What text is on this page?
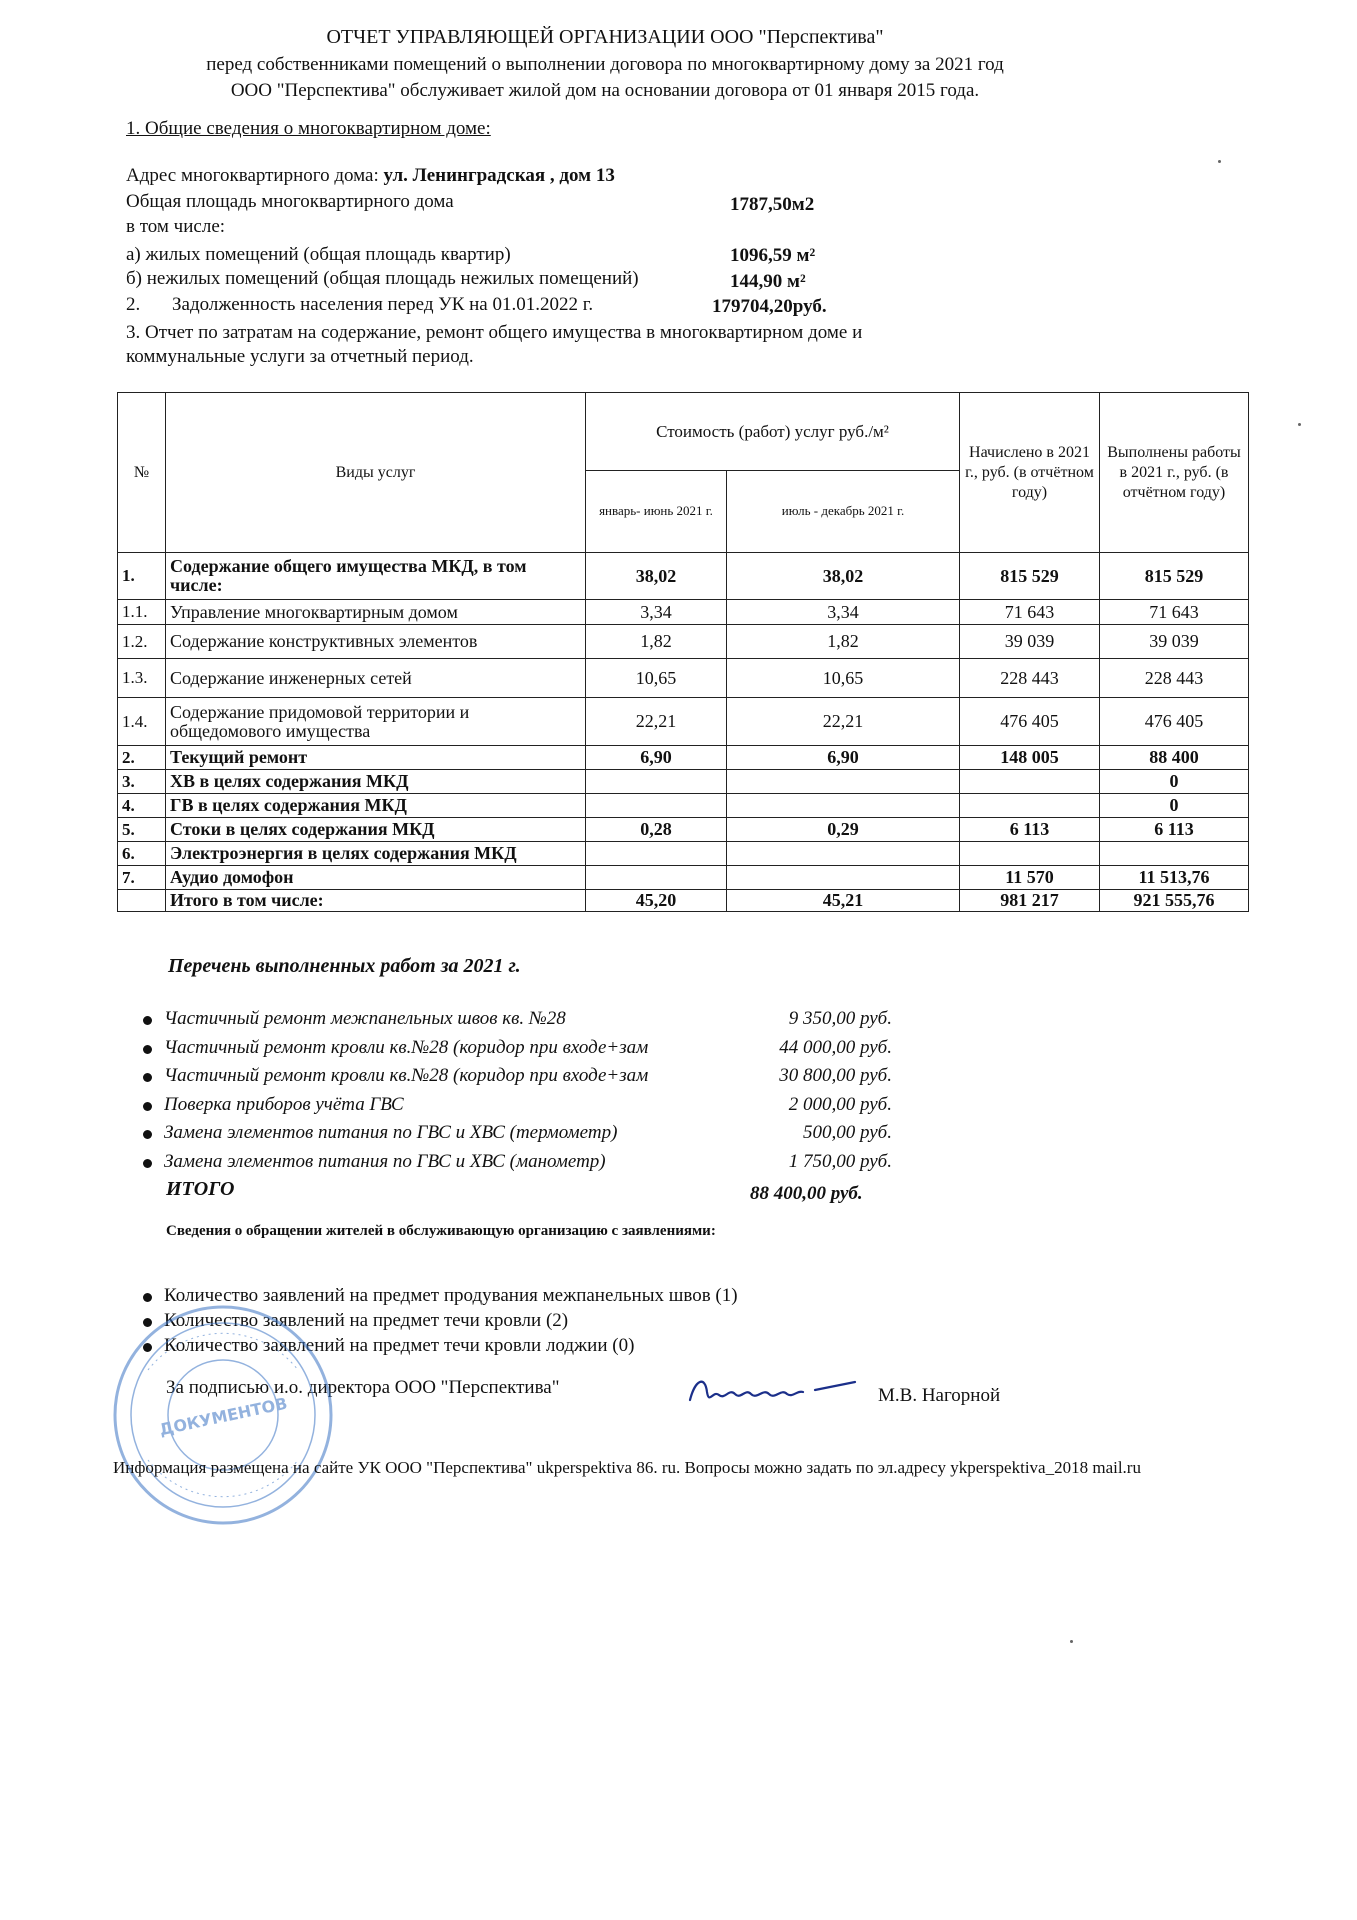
ОТЧЕТ УПРАВЛЯЮЩЕЙ ОРГАНИЗАЦИИ ООО "Перспектива"
перед собственниками помещений о выполнении договора по многоквартирному дому за 2021 год
ООО "Перспектива" обслуживает жилой дом на основании договора от 01 января 2015 года.
1. Общие сведения о многоквартирном доме:
Адрес многоквартирного дома: ул. Ленинградская , дом 13
Общая площадь многоквартирного дома	1787,50м2
в том числе:
а) жилых помещений (общая площадь квартир)	1096,59 м²
б) нежилых помещений (общая площадь нежилых помещений)	144,90 м²
2. Задолженность населения перед УК на 01.01.2022 г.	179704,20руб.
3. Отчет по затратам на содержание, ремонт общего имущества в многоквартирном доме и
коммунальные услуги за отчетный период.
№	Виды услуг	Стоимость (работ) услуг руб./м²		Начислено в 2021 г., руб. (в отчётном году)	Выполнены работы в 2021 г., руб. (в отчётном году)
		январь- июнь 2021 г.	июль - декабрь 2021 г.		
1.	Содержание общего имущества МКД, в том числе:	38,02	38,02	815 529	815 529
1.1.	Управление многоквартирным домом	3,34	3,34	71 643	71 643
1.2.	Содержание конструктивных элементов	1,82	1,82	39 039	39 039
1.3.	Содержание инженерных сетей	10,65	10,65	228 443	228 443
1.4.	Содержание придомовой территории и общедомового имущества	22,21	22,21	476 405	476 405
2.	Текущий ремонт	6,90	6,90	148 005	88 400
3.	ХВ в целях содержания МКД				0
4.	ГВ в целях содержания МКД				0
5.	Стоки в целях содержания МКД	0,28	0,29	6 113	6 113
6.	Электроэнергия в целях содержания МКД				
7.	Аудио домофон			11 570	11 513,76
	Итого в том числе:	45,20	45,21	981 217	921 555,76
Перечень выполненных работ за 2021 г.
Частичный ремонт межпанельных швов кв. №28	9 350,00 руб.
Частичный ремонт кровли кв.№28 (коридор при входе+зам	44 000,00 руб.
Частичный ремонт кровли кв.№28 (коридор при входе+зам	30 800,00 руб.
Поверка приборов учёта ГВС	2 000,00 руб.
Замена элементов питания по ГВС и ХВС (термометр)	500,00 руб.
Замена элементов питания по ГВС и ХВС (манометр)	1 750,00 руб.
ИТОГО	88 400,00 руб.
Сведения о обращении жителей в обслуживающую организацию с заявлениями:
Количество заявлений на предмет продувания межпанельных швов (1)
Количество заявлений на предмет течи кровли (2)
Количество заявлений на предмет течи кровли лоджии (0)
За подписью и.о. директора ООО "Перспектива"	М.В. Нагорной
ДОКУМЕНТОВ
Информация размещена на сайте УК ООО "Перспектива" ukperspektiva 86. ru. Вопросы можно задать по эл.адресу ykperspektiva_2018 mail.ru
